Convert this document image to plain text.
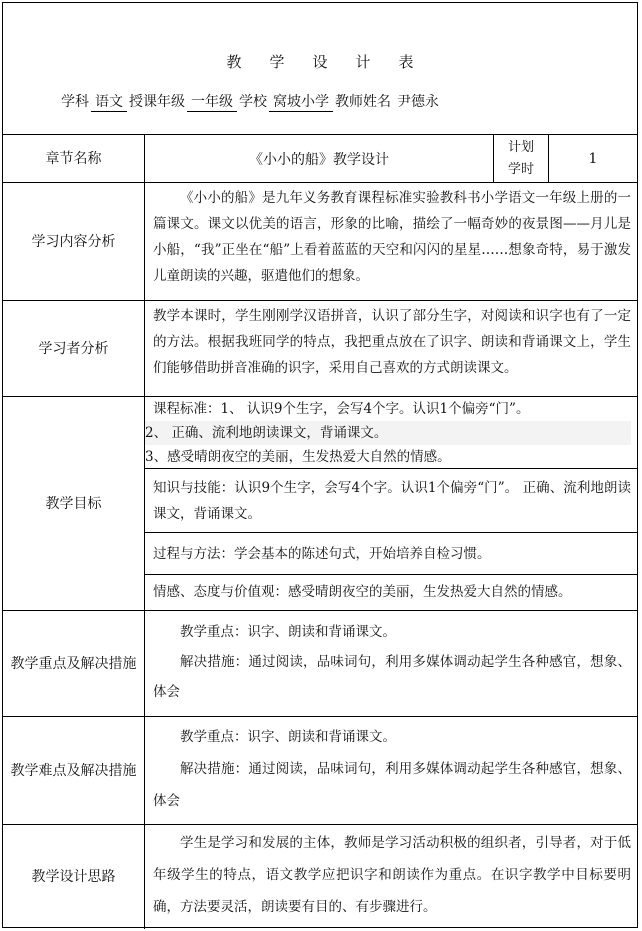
教学设计表
学科 语文 授课年级 一年级 学校 窝坡小学 教师姓名 尹德永
章节名称	《小小的船》教学设计
计划
学时
1
学习内容分析
《小小的船》是九年义务教育课程标准实验教科书小学语文一年级上册的一篇课文。课文以优美的语言，形象的比喻，描绘了一幅奇妙的夜景图——月儿是小船，“我”正坐在“船”上看着蓝蓝的天空和闪闪的星星……想象奇特，易于激发儿童朗读的兴趣，驱遣他们的想象。
学习者分析
教学本课时，学生刚刚学汉语拼音，认识了部分生字，对阅读和识字也有了一定的方法。根据我班同学的特点，我把重点放在了识字、朗读和背诵课文上，学生们能够借助拼音准确的识字，采用自己喜欢的方式朗读课文。
教学目标
课程标准：1、 认识9个生字，会写4个字。认识1个偏旁“门”。
2、 正确、流利地朗读课文，背诵课文。
3、感受晴朗夜空的美丽，生发热爱大自然的情感。
知识与技能：认识9个生字，会写4个字。认识1个偏旁“门”。 正确、流利地朗读课文，背诵课文。
过程与方法：学会基本的陈述句式，开始培养自检习惯。
情感、态度与价值观：感受晴朗夜空的美丽，生发热爱大自然的情感。
教学重点及解决措施
教学重点：识字、朗读和背诵课文。
解决措施：通过阅读，品味词句，利用多媒体调动起学生各种感官，想象、体会
教学难点及解决措施
教学重点：识字、朗读和背诵课文。
解决措施：通过阅读，品味词句，利用多媒体调动起学生各种感官，想象、体会
教学设计思路
学生是学习和发展的主体，教师是学习活动积极的组织者，引导者，对于低年级学生的特点，语文教学应把识字和朗读作为重点。在识字教学中目标要明确，方法要灵活，朗读要有目的、有步骤进行。
